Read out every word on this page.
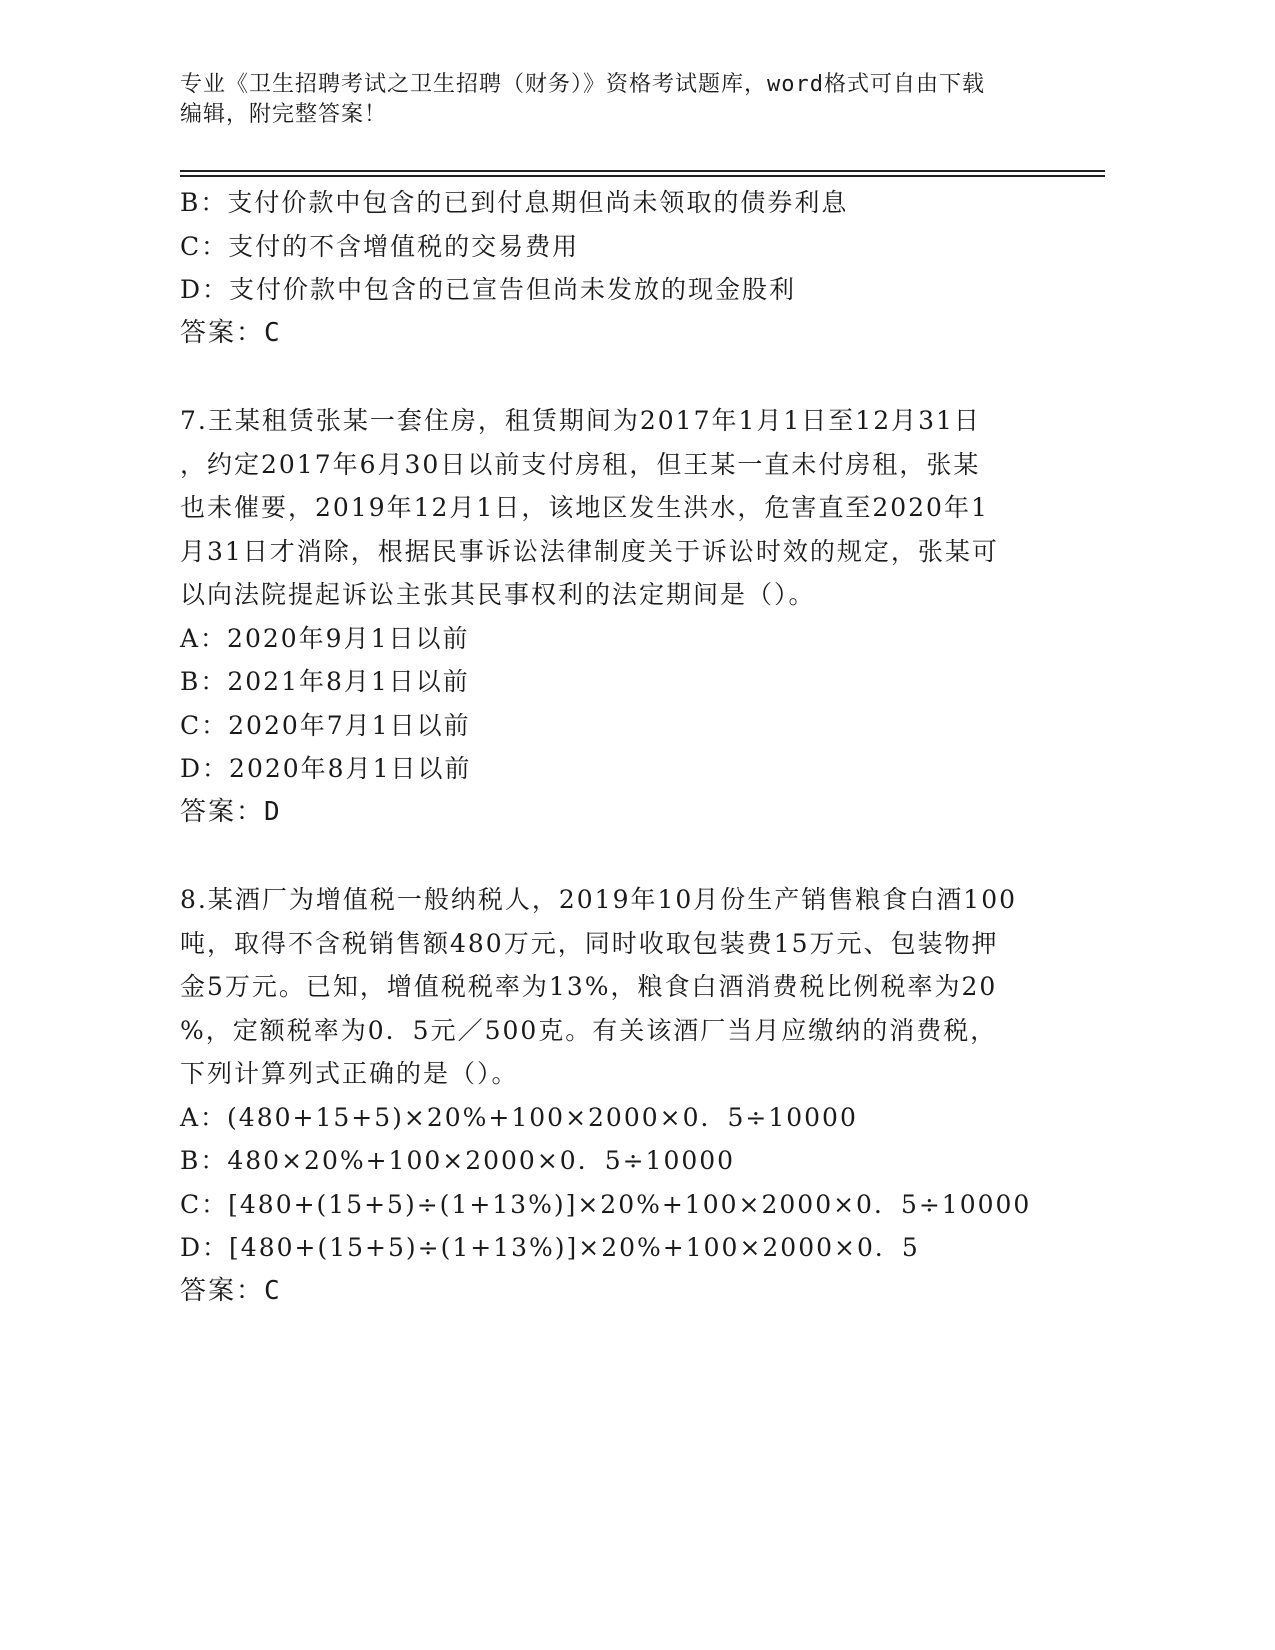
专业《卫生招聘考试之卫生招聘（财务）》资格考试题库，word格式可自由下载
编辑，附完整答案！
B：支付价款中包含的已到付息期但尚未领取的债券利息
C：支付的不含增值税的交易费用
D：支付价款中包含的已宣告但尚未发放的现金股利
答案：C
7.王某租赁张某一套住房，租赁期间为2017年1月1日至12月31日
，约定2017年6月30日以前支付房租，但王某一直未付房租，张某
也未催要，2019年12月1日，该地区发生洪水，危害直至2020年1
月31日才消除，根据民事诉讼法律制度关于诉讼时效的规定，张某可
以向法院提起诉讼主张其民事权利的法定期间是（）。
A：2020年9月1日以前
B：2021年8月1日以前
C：2020年7月1日以前
D：2020年8月1日以前
答案：D
8.某酒厂为增值税一般纳税人，2019年10月份生产销售粮食白酒100
吨，取得不含税销售额480万元，同时收取包装费15万元、包装物押
金5万元。已知，增值税税率为13%，粮食白酒消费税比例税率为20
%，定额税率为0．5元／500克。有关该酒厂当月应缴纳的消费税，
下列计算列式正确的是（）。
A：(480+15+5)×20%+100×2000×0．5÷10000
B：480×20%+100×2000×0．5÷10000
C：[480+(15+5)÷(1+13%)]×20%+100×2000×0．5÷10000
D：[480+(15+5)÷(1+13%)]×20%+100×2000×0．5
答案：C
